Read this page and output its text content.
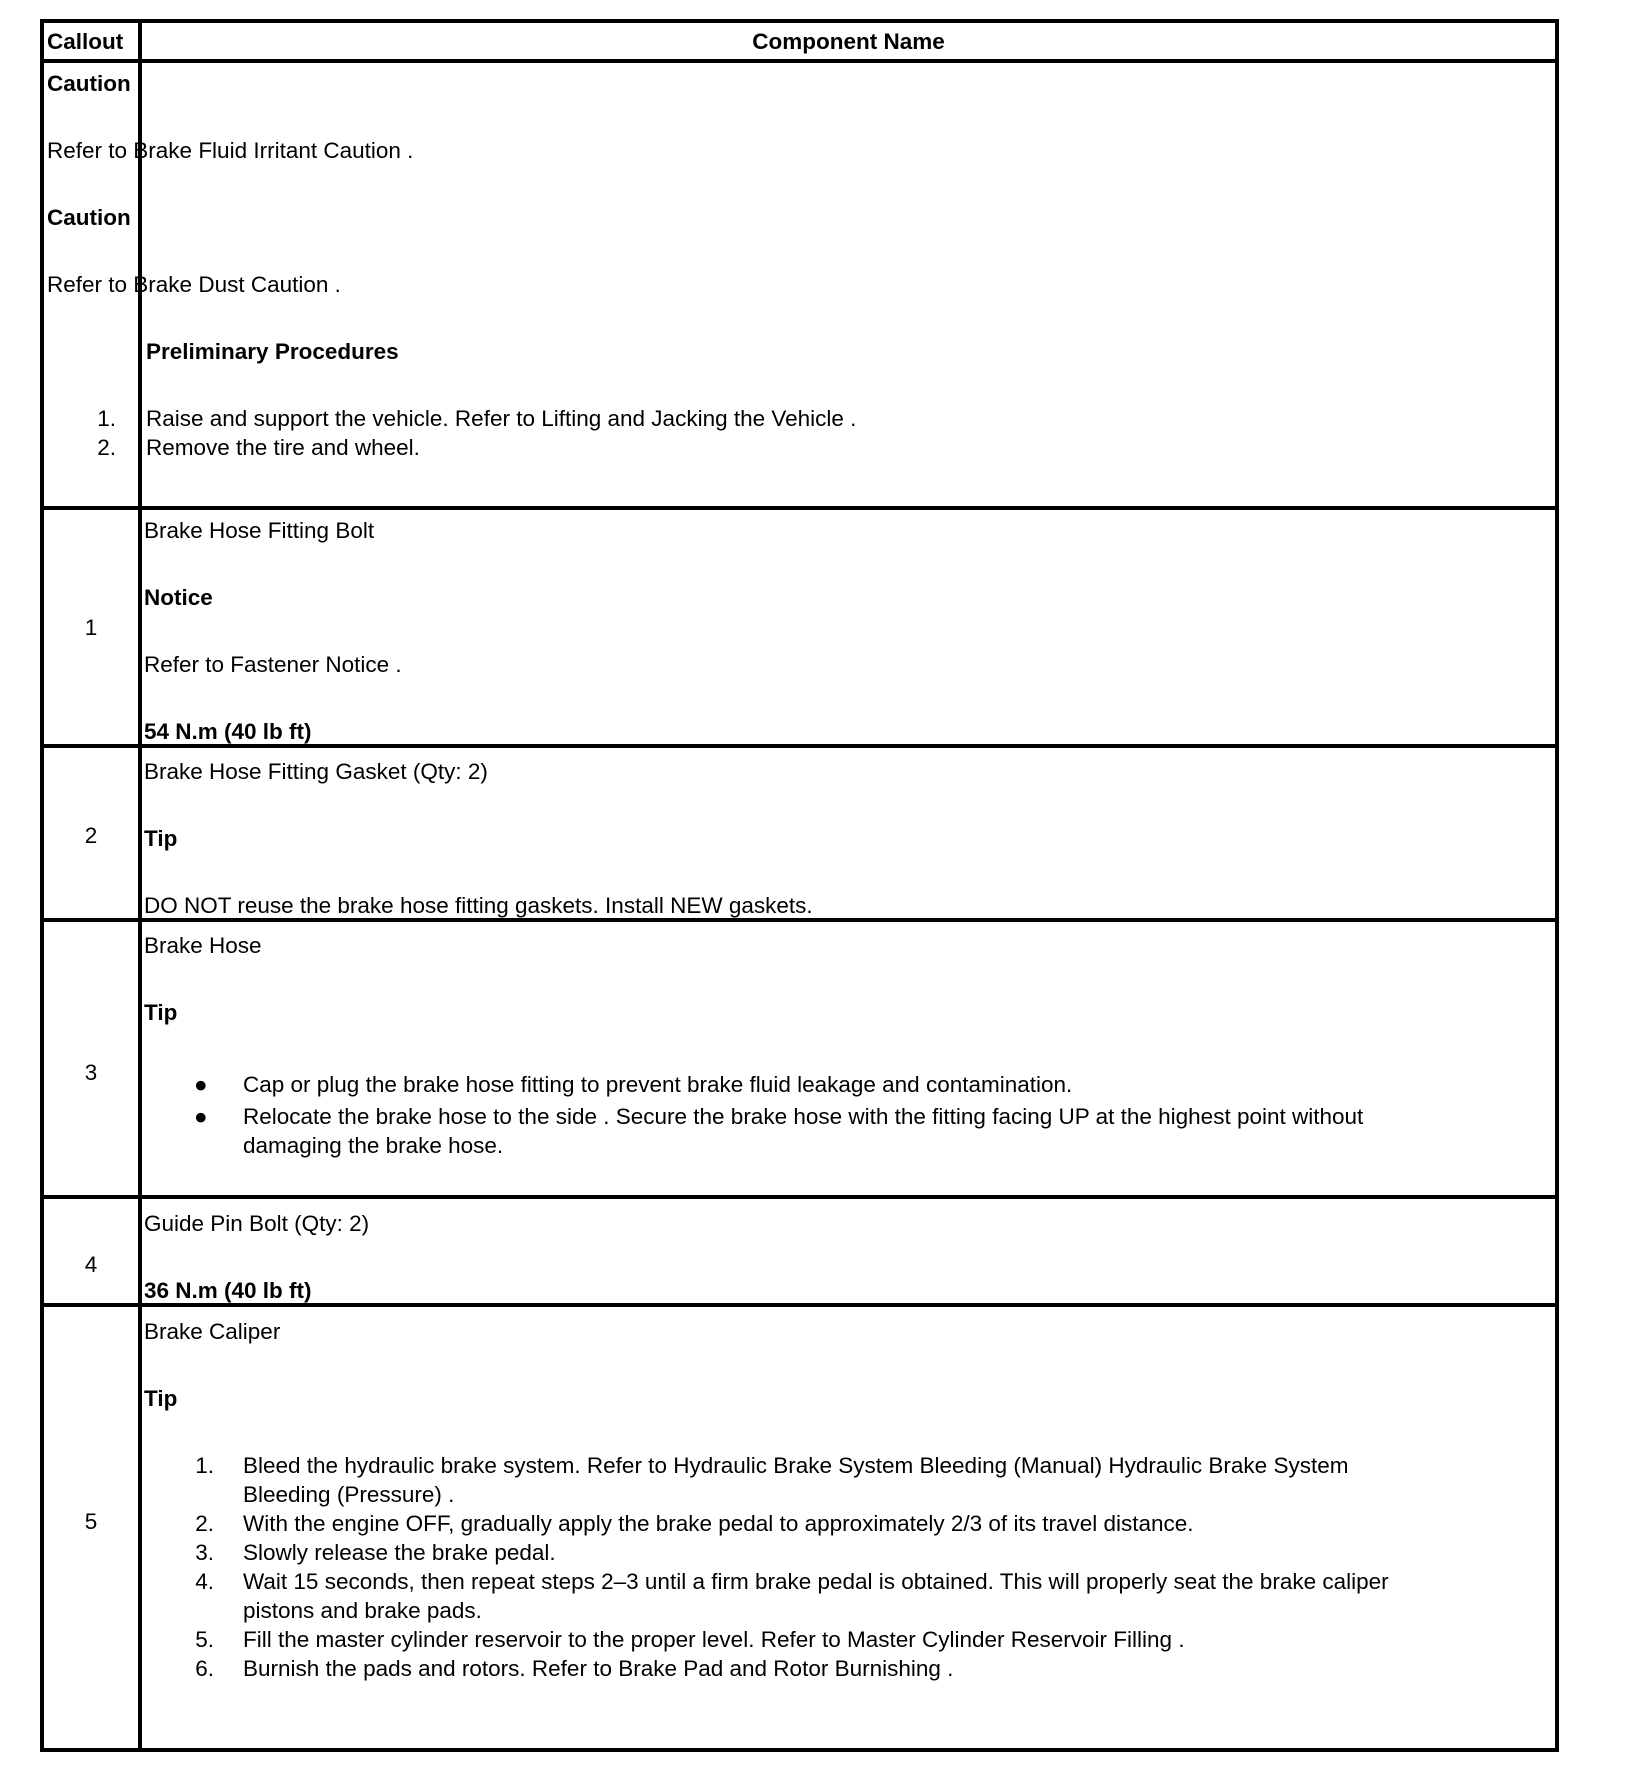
Callout	Component Name
Caution
Refer to Brake Fluid Irritant Caution .
Caution
Refer to Brake Dust Caution .
Preliminary Procedures
1. Raise and support the vehicle. Refer to Lifting and Jacking the Vehicle .
2. Remove the tire and wheel.
1
Brake Hose Fitting Bolt
Notice
Refer to Fastener Notice .
54 N.m (40 lb ft)
2
Brake Hose Fitting Gasket (Qty: 2)
Tip
DO NOT reuse the brake hose fitting gaskets. Install NEW gaskets.
3
Brake Hose
Tip
● Cap or plug the brake hose fitting to prevent brake fluid leakage and contamination.
● Relocate the brake hose to the side . Secure the brake hose with the fitting facing UP at the highest point without
damaging the brake hose.
4
Guide Pin Bolt (Qty: 2)
36 N.m (40 lb ft)
5
Brake Caliper
Tip
1. Bleed the hydraulic brake system. Refer to Hydraulic Brake System Bleeding (Manual) Hydraulic Brake System
Bleeding (Pressure) .
2. With the engine OFF, gradually apply the brake pedal to approximately 2/3 of its travel distance.
3. Slowly release the brake pedal.
4. Wait 15 seconds, then repeat steps 2–3 until a firm brake pedal is obtained. This will properly seat the brake caliper
pistons and brake pads.
5. Fill the master cylinder reservoir to the proper level. Refer to Master Cylinder Reservoir Filling .
6. Burnish the pads and rotors. Refer to Brake Pad and Rotor Burnishing .
